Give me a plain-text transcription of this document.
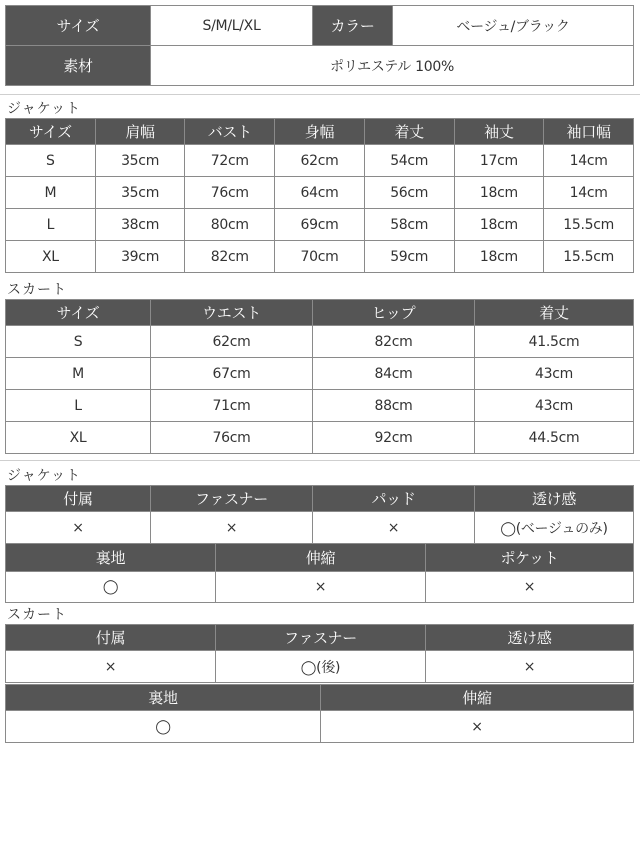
サイズ	S/M/L/XL	カラー	ベージュ/ブラック
素材	ポリエステル 100%		
ジャケット
サイズ	肩幅	バスト	身幅	着丈	袖丈	袖口幅
S	35cm	72cm	62cm	54cm	17cm	14cm
M	35cm	76cm	64cm	56cm	18cm	14cm
L	38cm	80cm	69cm	58cm	18cm	15.5cm
XL	39cm	82cm	70cm	59cm	18cm	15.5cm
スカート
サイズ	ウエスト	ヒップ	着丈
S	62cm	82cm	41.5cm
M	67cm	84cm	43cm
L	71cm	88cm	43cm
XL	76cm	92cm	44.5cm
ジャケット
付属	ファスナー	パッド	透け感
×	×	×	◯(ベージュのみ)
裏地	伸縮	ポケット
◯	×	×
スカート
付属	ファスナー	透け感
×	◯(後)	×
裏地	伸縮
◯	×
